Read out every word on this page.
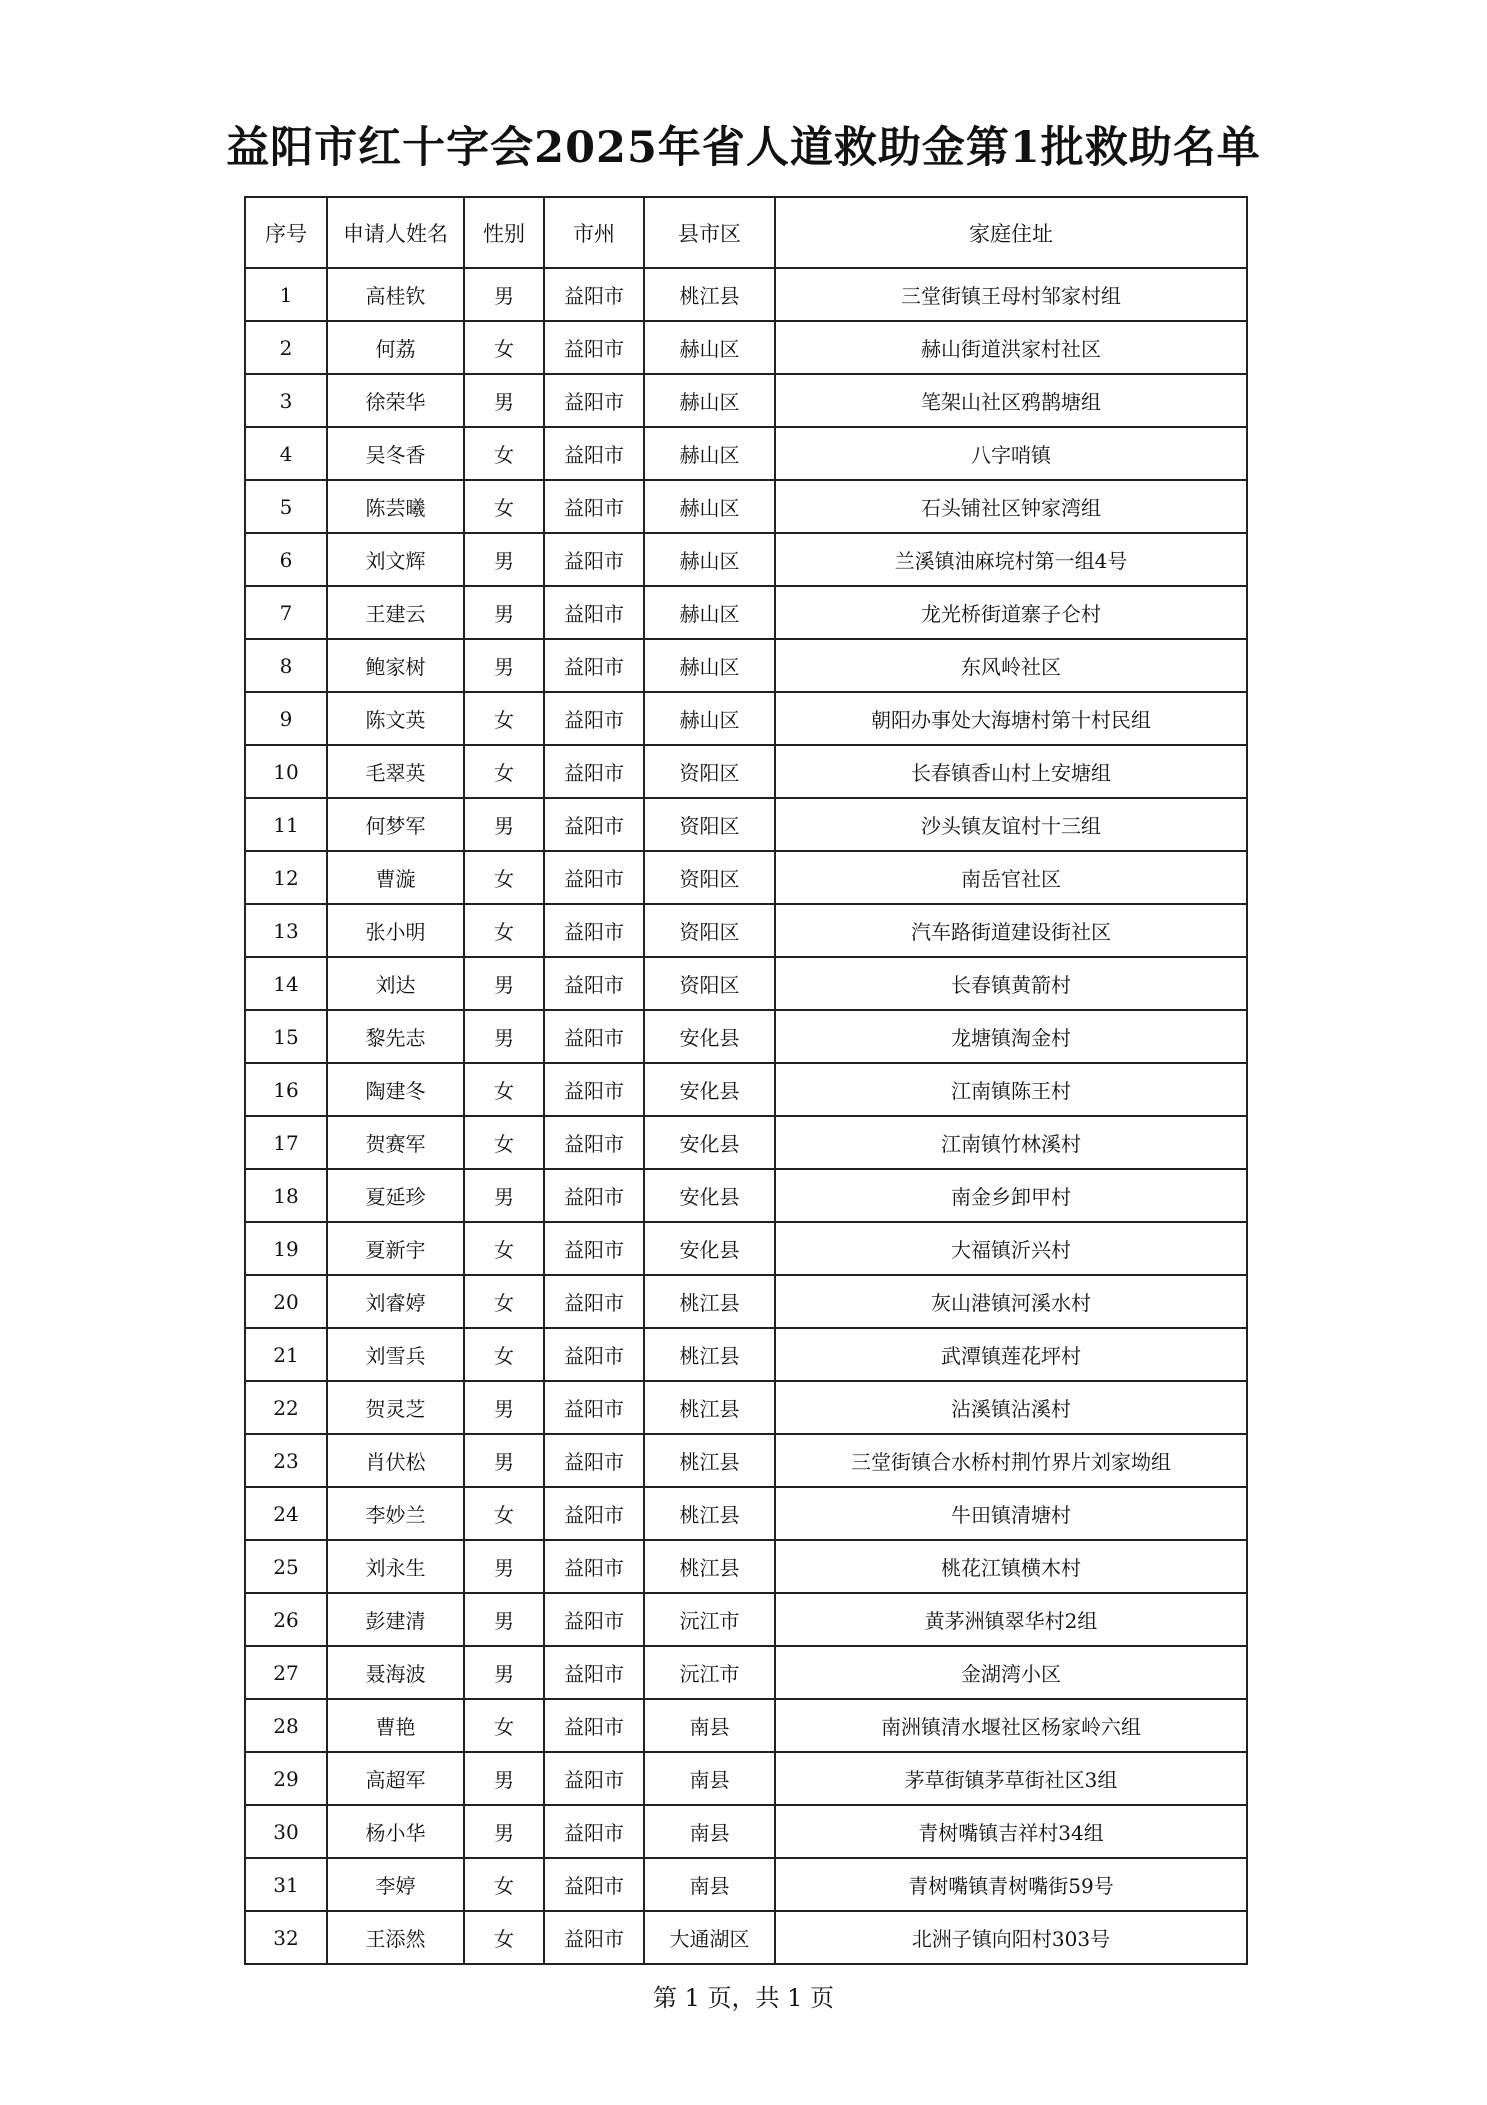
益阳市红十字会2025年省人道救助金第1批救助名单
序号	申请人姓名	性别	市州	县市区	家庭住址
1	高桂钦	男	益阳市	桃江县	三堂街镇王母村邹家村组
2	何荔	女	益阳市	赫山区	赫山街道洪家村社区
3	徐荣华	男	益阳市	赫山区	笔架山社区鸦鹊塘组
4	吴冬香	女	益阳市	赫山区	八字哨镇
5	陈芸曦	女	益阳市	赫山区	石头铺社区钟家湾组
6	刘文辉	男	益阳市	赫山区	兰溪镇油麻垸村第一组4号
7	王建云	男	益阳市	赫山区	龙光桥街道寨子仑村
8	鲍家树	男	益阳市	赫山区	东风岭社区
9	陈文英	女	益阳市	赫山区	朝阳办事处大海塘村第十村民组
10	毛翠英	女	益阳市	资阳区	长春镇香山村上安塘组
11	何梦军	男	益阳市	资阳区	沙头镇友谊村十三组
12	曹漩	女	益阳市	资阳区	南岳官社区
13	张小明	女	益阳市	资阳区	汽车路街道建设街社区
14	刘达	男	益阳市	资阳区	长春镇黄箭村
15	黎先志	男	益阳市	安化县	龙塘镇淘金村
16	陶建冬	女	益阳市	安化县	江南镇陈王村
17	贺赛军	女	益阳市	安化县	江南镇竹林溪村
18	夏延珍	男	益阳市	安化县	南金乡卸甲村
19	夏新宇	女	益阳市	安化县	大福镇沂兴村
20	刘睿婷	女	益阳市	桃江县	灰山港镇河溪水村
21	刘雪兵	女	益阳市	桃江县	武潭镇莲花坪村
22	贺灵芝	男	益阳市	桃江县	沾溪镇沾溪村
23	肖伏松	男	益阳市	桃江县	三堂街镇合水桥村荆竹界片刘家坳组
24	李妙兰	女	益阳市	桃江县	牛田镇清塘村
25	刘永生	男	益阳市	桃江县	桃花江镇横木村
26	彭建清	男	益阳市	沅江市	黄茅洲镇翠华村2组
27	聂海波	男	益阳市	沅江市	金湖湾小区
28	曹艳	女	益阳市	南县	南洲镇清水堰社区杨家岭六组
29	高超军	男	益阳市	南县	茅草街镇茅草街社区3组
30	杨小华	男	益阳市	南县	青树嘴镇吉祥村34组
31	李婷	女	益阳市	南县	青树嘴镇青树嘴街59号
32	王添然	女	益阳市	大通湖区	北洲子镇向阳村303号
第 1 页，共 1 页
